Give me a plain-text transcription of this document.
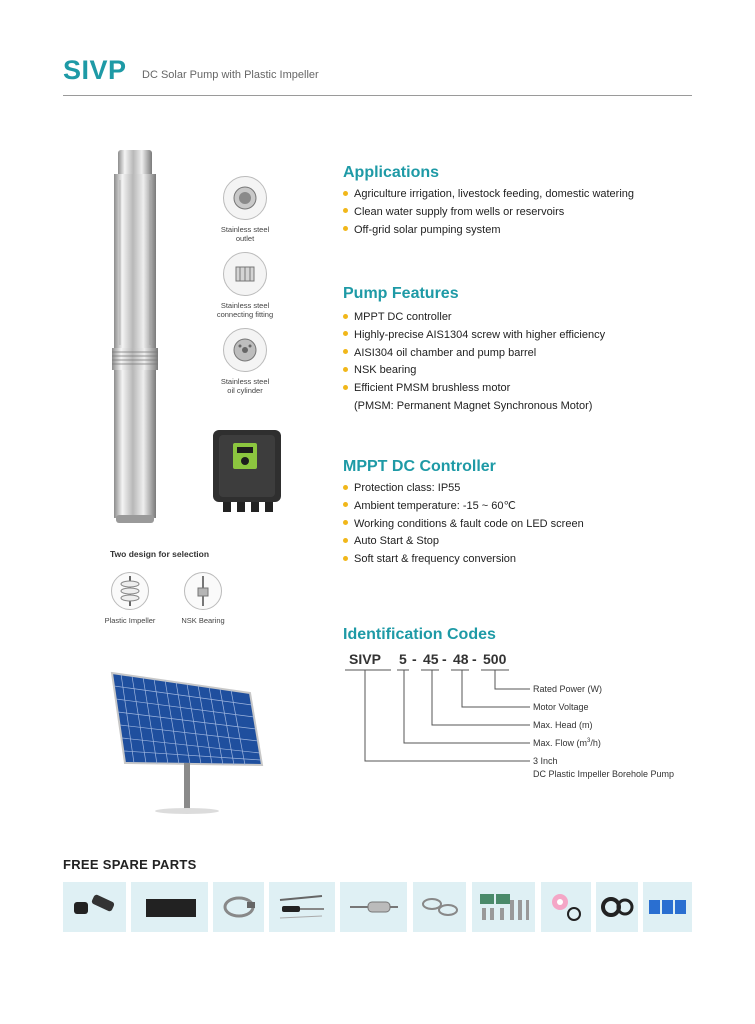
SIVP DC Solar Pump with Plastic Impeller
Stainless steel
outlet
Stainless steel
connecting fitting
Stainless steel
oil cylinder
Two design for selection
Plastic Impeller	NSK Bearing
Applications
Agriculture irrigation, livestock feeding, domestic watering
Clean water supply from wells or reservoirs
Off-grid solar pumping system
Pump Features
MPPT DC controller
Highly-precise AIS1304 screw with higher efficiency
AISI304 oil chamber and pump barrel
NSK bearing
Efficient PMSM brushless motor
(PMSM: Permanent Magnet Synchronous Motor)
MPPT DC Controller
Protection class: IP55
Ambient temperature: -15 ~ 60℃
Working conditions & fault code on LED screen
Auto Start & Stop
Soft start & frequency conversion
Identification Codes
SIVP 5 - 45 - 48 - 500
Rated Power (W)
Motor Voltage
Max. Head (m)
Max. Flow $(m^3/h)$
3 Inch
DC Plastic Impeller Borehole Pump
FREE SPARE PARTS
